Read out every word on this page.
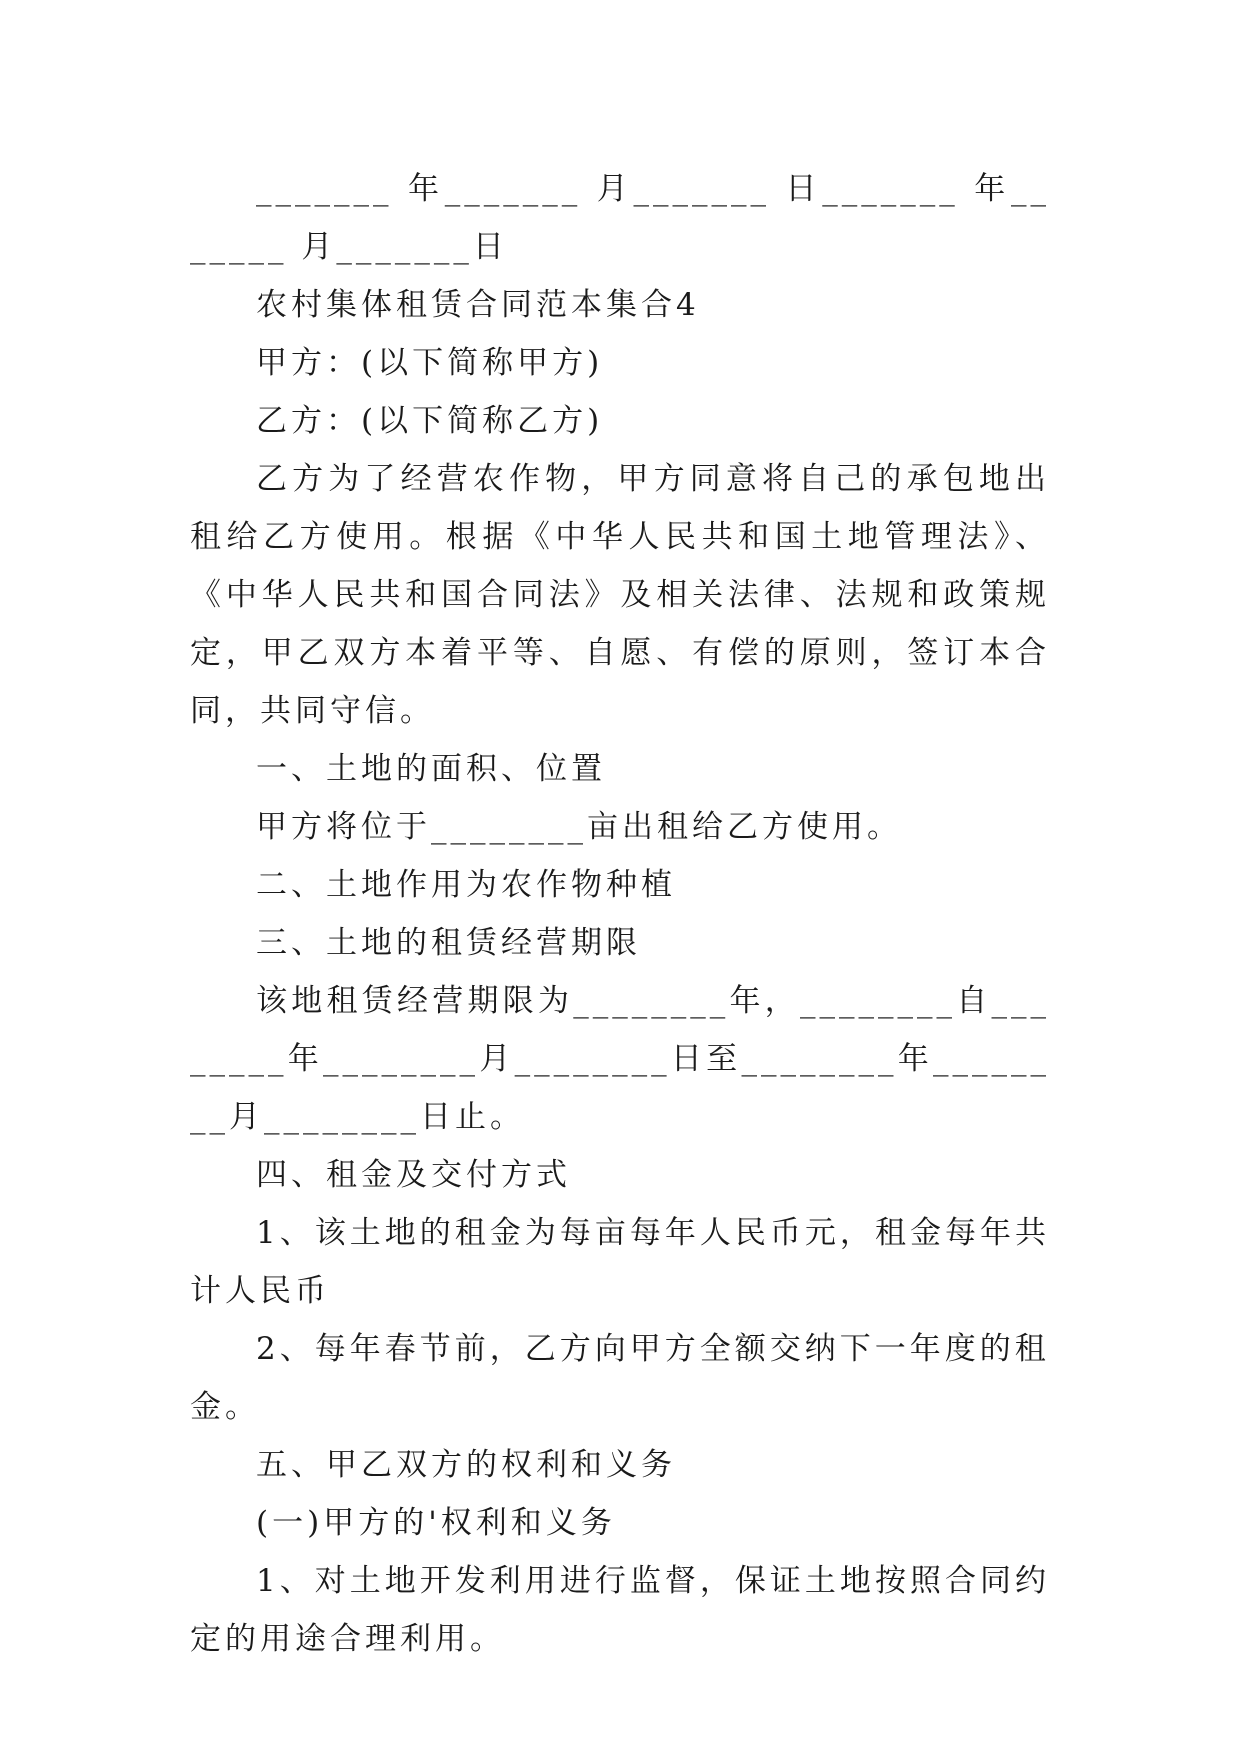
_______ 年_______ 月_______ 日_______ 年_______ 月_______日

农村集体租赁合同范本集合4

甲方：(以下简称甲方)

乙方：(以下简称乙方)

乙方为了经营农作物，甲方同意将自己的承包地出租给乙方使用。根据《中华人民共和国土地管理法》、《中华人民共和国合同法》及相关法律、法规和政策规定，甲乙双方本着平等、自愿、有偿的原则，签订本合同，共同守信。

一、土地的面积、位置

甲方将位于________亩出租给乙方使用。

二、土地作用为农作物种植

三、土地的租赁经营期限

该地租赁经营期限为________年，________自________年________月________日至________年________月________日止。

四、租金及交付方式

1、该土地的租金为每亩每年人民币元，租金每年共计人民币

2、每年春节前，乙方向甲方全额交纳下一年度的租金。

五、甲乙双方的权利和义务

(一)甲方的'权利和义务

1、对土地开发利用进行监督，保证土地按照合同约定的用途合理利用。
